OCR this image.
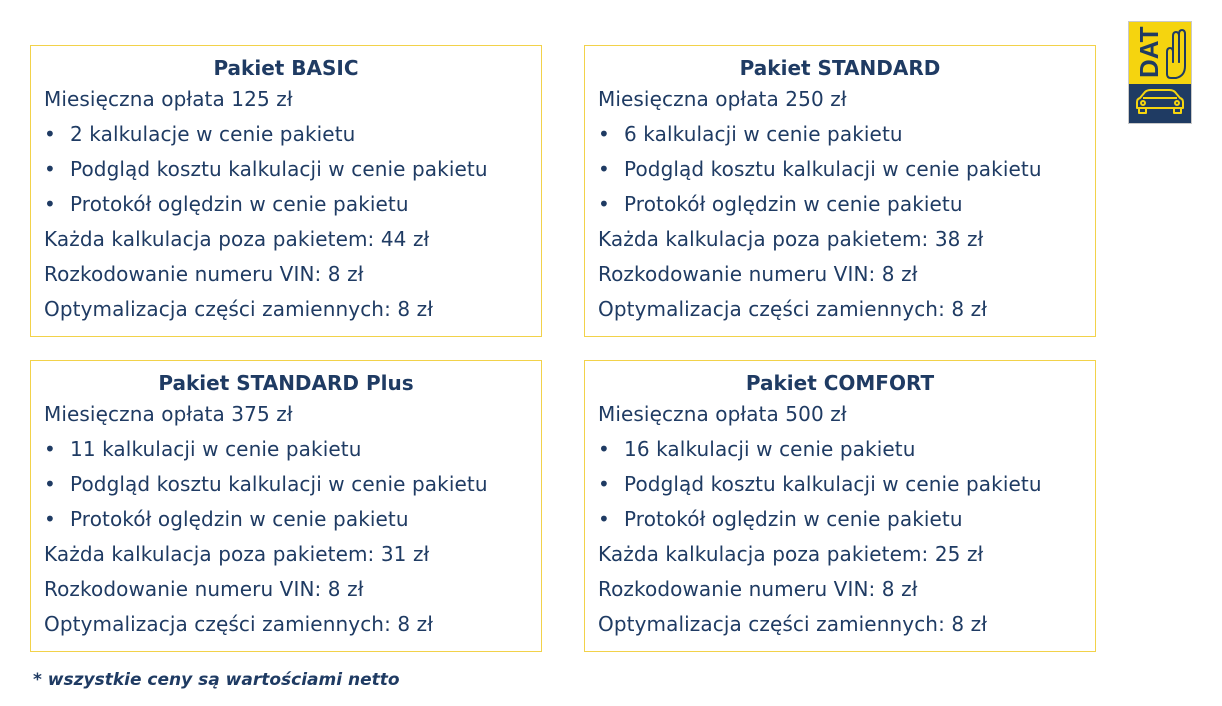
Pakiet BASIC
Miesięczna opłata 125 zł
• 2 kalkulacje w cenie pakietu
• Podgląd kosztu kalkulacji w cenie pakietu
• Protokół oględzin w cenie pakietu
Każda kalkulacja poza pakietem: 44 zł
Rozkodowanie numeru VIN: 8 zł
Optymalizacja części zamiennych: 8 zł
Pakiet STANDARD
Miesięczna opłata 250 zł
• 6 kalkulacji w cenie pakietu
• Podgląd kosztu kalkulacji w cenie pakietu
• Protokół oględzin w cenie pakietu
Każda kalkulacja poza pakietem: 38 zł
Rozkodowanie numeru VIN: 8 zł
Optymalizacja części zamiennych: 8 zł
Pakiet STANDARD Plus
Miesięczna opłata 375 zł
• 11 kalkulacji w cenie pakietu
• Podgląd kosztu kalkulacji w cenie pakietu
• Protokół oględzin w cenie pakietu
Każda kalkulacja poza pakietem: 31 zł
Rozkodowanie numeru VIN: 8 zł
Optymalizacja części zamiennych: 8 zł
Pakiet COMFORT
Miesięczna opłata 500 zł
• 16 kalkulacji w cenie pakietu
• Podgląd kosztu kalkulacji w cenie pakietu
• Protokół oględzin w cenie pakietu
Każda kalkulacja poza pakietem: 25 zł
Rozkodowanie numeru VIN: 8 zł
Optymalizacja części zamiennych: 8 zł
* wszystkie ceny są wartościami netto
DAT
